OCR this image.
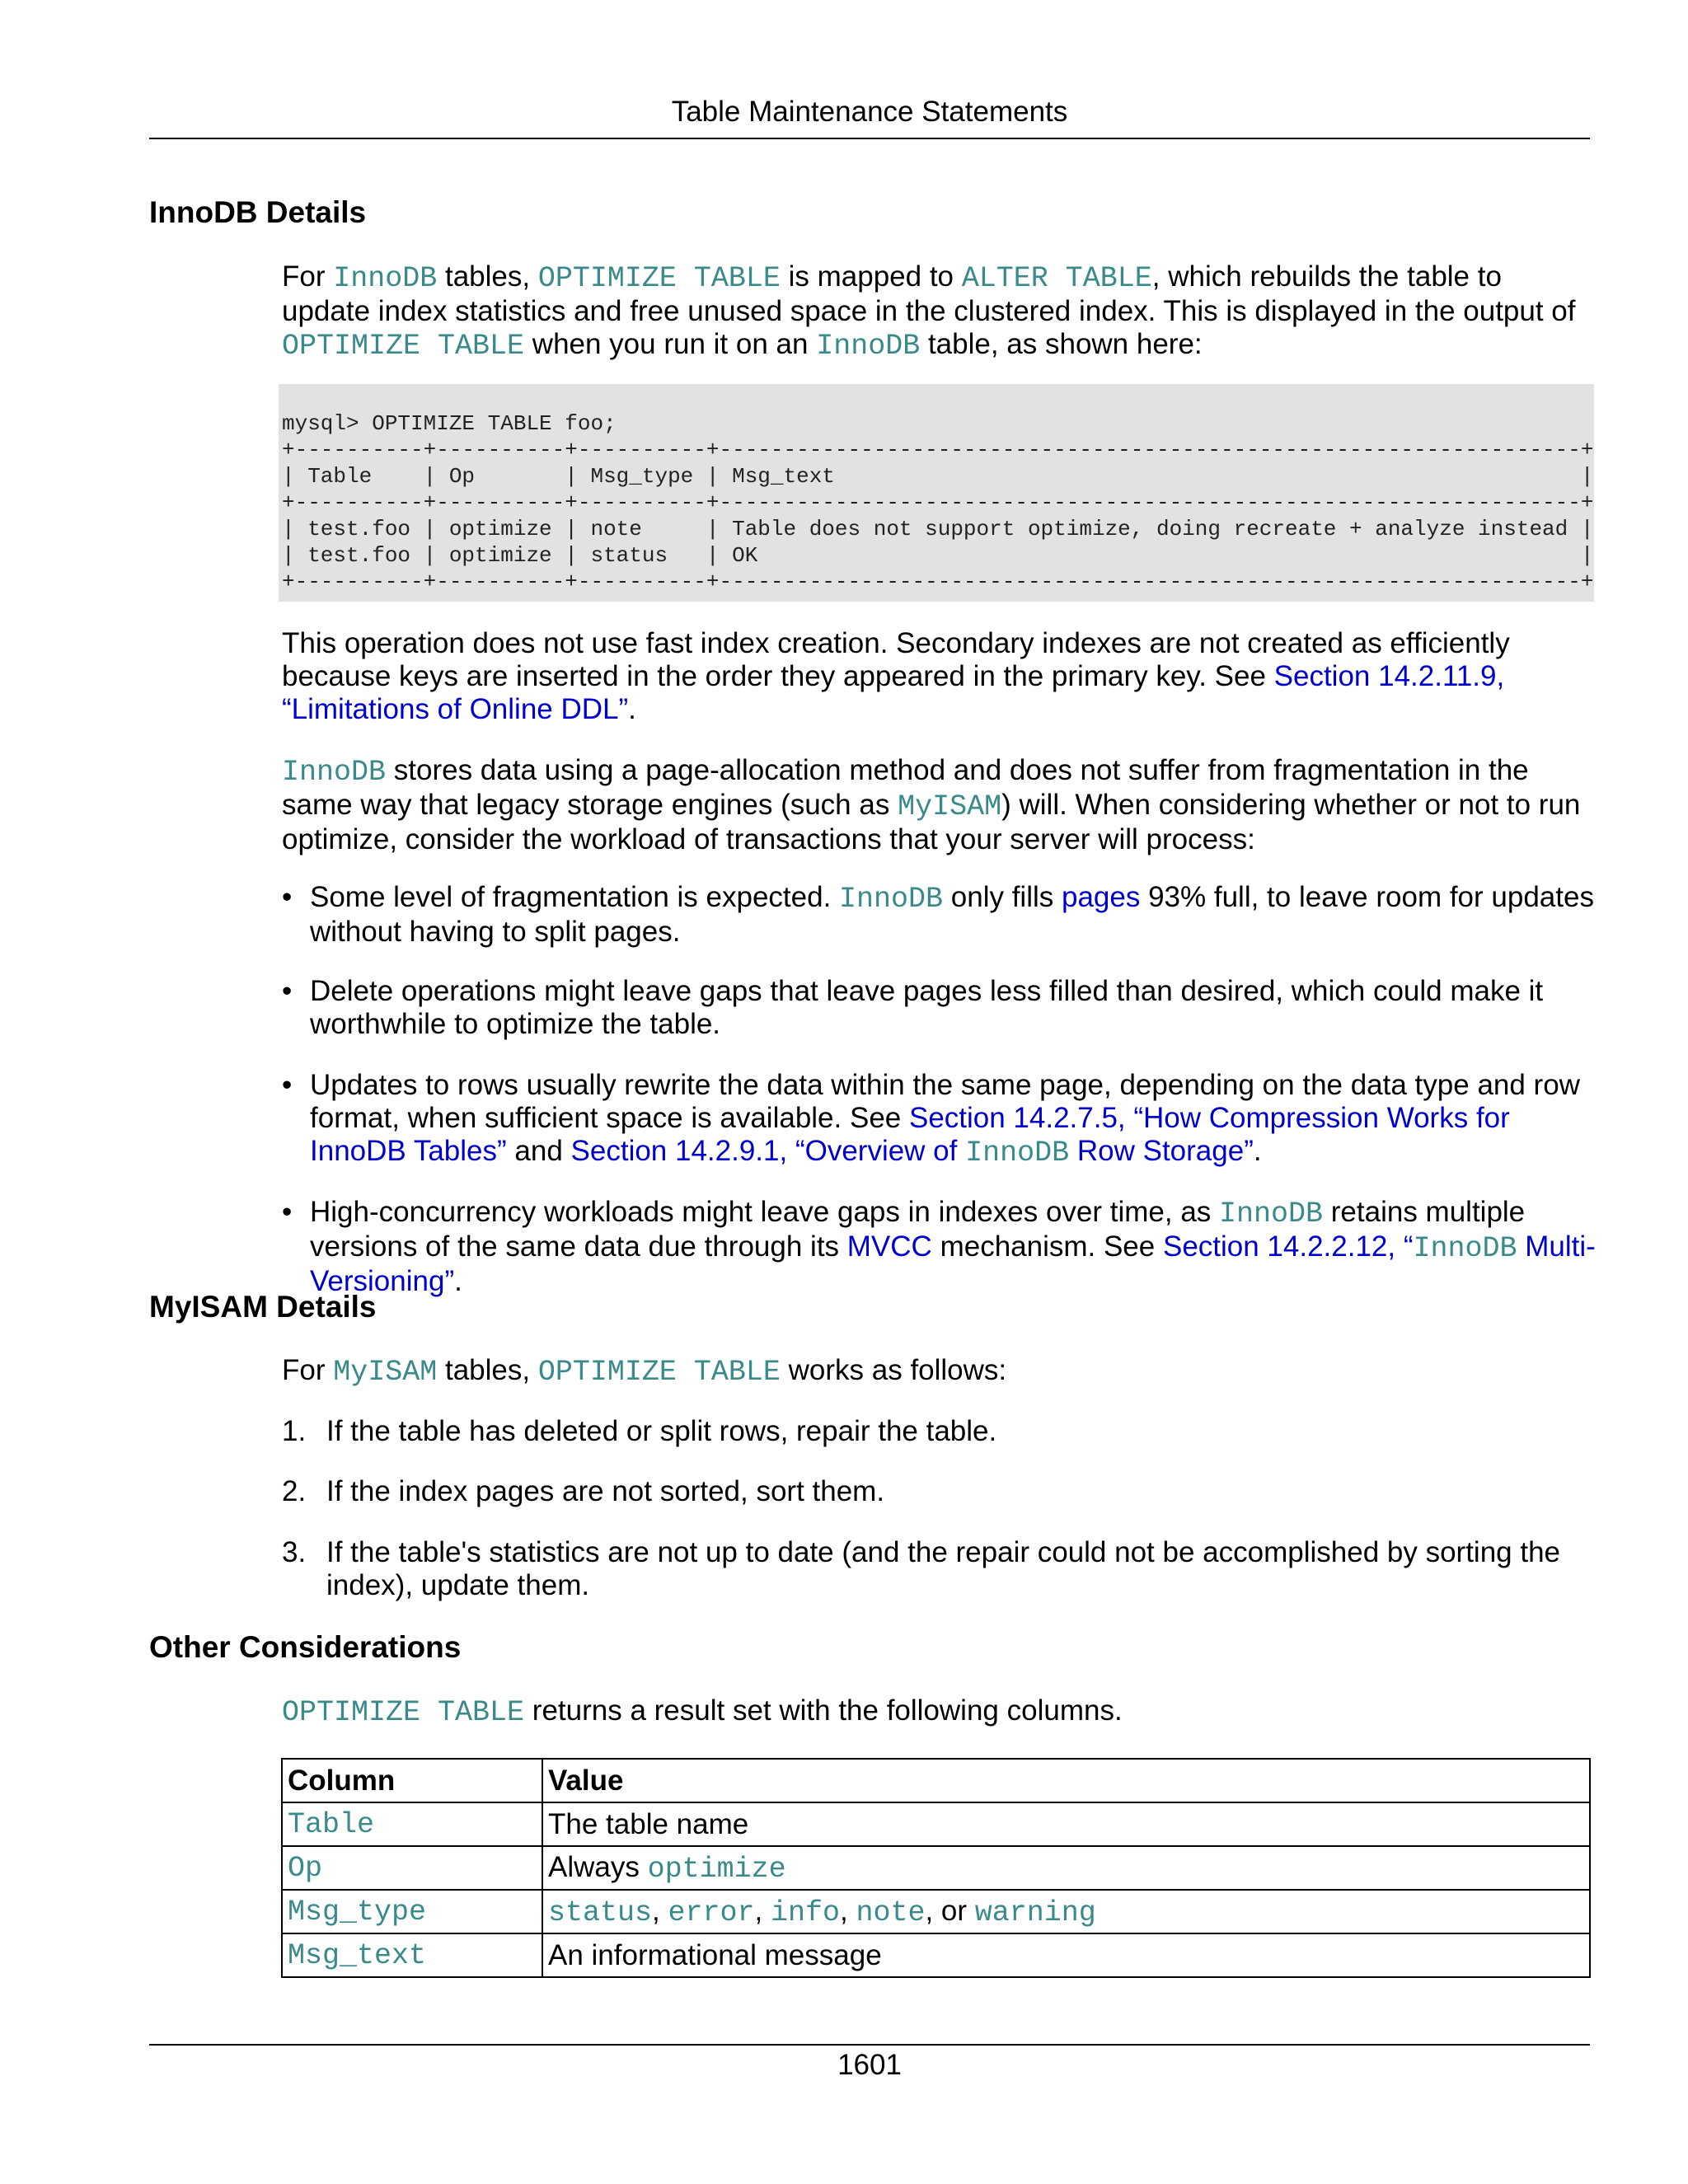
Table Maintenance Statements
InnoDB Details

For InnoDB tables, OPTIMIZE TABLE is mapped to ALTER TABLE, which rebuilds the table to update index statistics and free unused space in the clustered index. This is displayed in the output of OPTIMIZE TABLE when you run it on an InnoDB table, as shown here:

mysql> OPTIMIZE TABLE foo;
+----------+----------+----------+-------------------------------------------------------------------+
| Table    | Op       | Msg_type | Msg_text                                                          |
+----------+----------+----------+-------------------------------------------------------------------+
| test.foo | optimize | note     | Table does not support optimize, doing recreate + analyze instead |
| test.foo | optimize | status   | OK                                                                |
+----------+----------+----------+-------------------------------------------------------------------+

This operation does not use fast index creation. Secondary indexes are not created as efficiently because keys are inserted in the order they appeared in the primary key. See Section 14.2.11.9, “Limitations of Online DDL”.

InnoDB stores data using a page-allocation method and does not suffer from fragmentation in the same way that legacy storage engines (such as MyISAM) will. When considering whether or not to run optimize, consider the workload of transactions that your server will process:

• Some level of fragmentation is expected. InnoDB only fills pages 93% full, to leave room for updates without having to split pages.
• Delete operations might leave gaps that leave pages less filled than desired, which could make it worthwhile to optimize the table.
• Updates to rows usually rewrite the data within the same page, depending on the data type and row format, when sufficient space is available. See Section 14.2.7.5, “How Compression Works for InnoDB Tables” and Section 14.2.9.1, “Overview of InnoDB Row Storage”.
• High-concurrency workloads might leave gaps in indexes over time, as InnoDB retains multiple versions of the same data due through its MVCC mechanism. See Section 14.2.2.12, “InnoDB Multi-Versioning”.
MyISAM Details

For MyISAM tables, OPTIMIZE TABLE works as follows:

1. If the table has deleted or split rows, repair the table.
2. If the index pages are not sorted, sort them.
3. If the table's statistics are not up to date (and the repair could not be accomplished by sorting the index), update them.
Other Considerations

OPTIMIZE TABLE returns a result set with the following columns.

Column	Value
Table	The table name
Op	Always optimize
Msg_type	status, error, info, note, or warning
Msg_text	An informational message
1601
